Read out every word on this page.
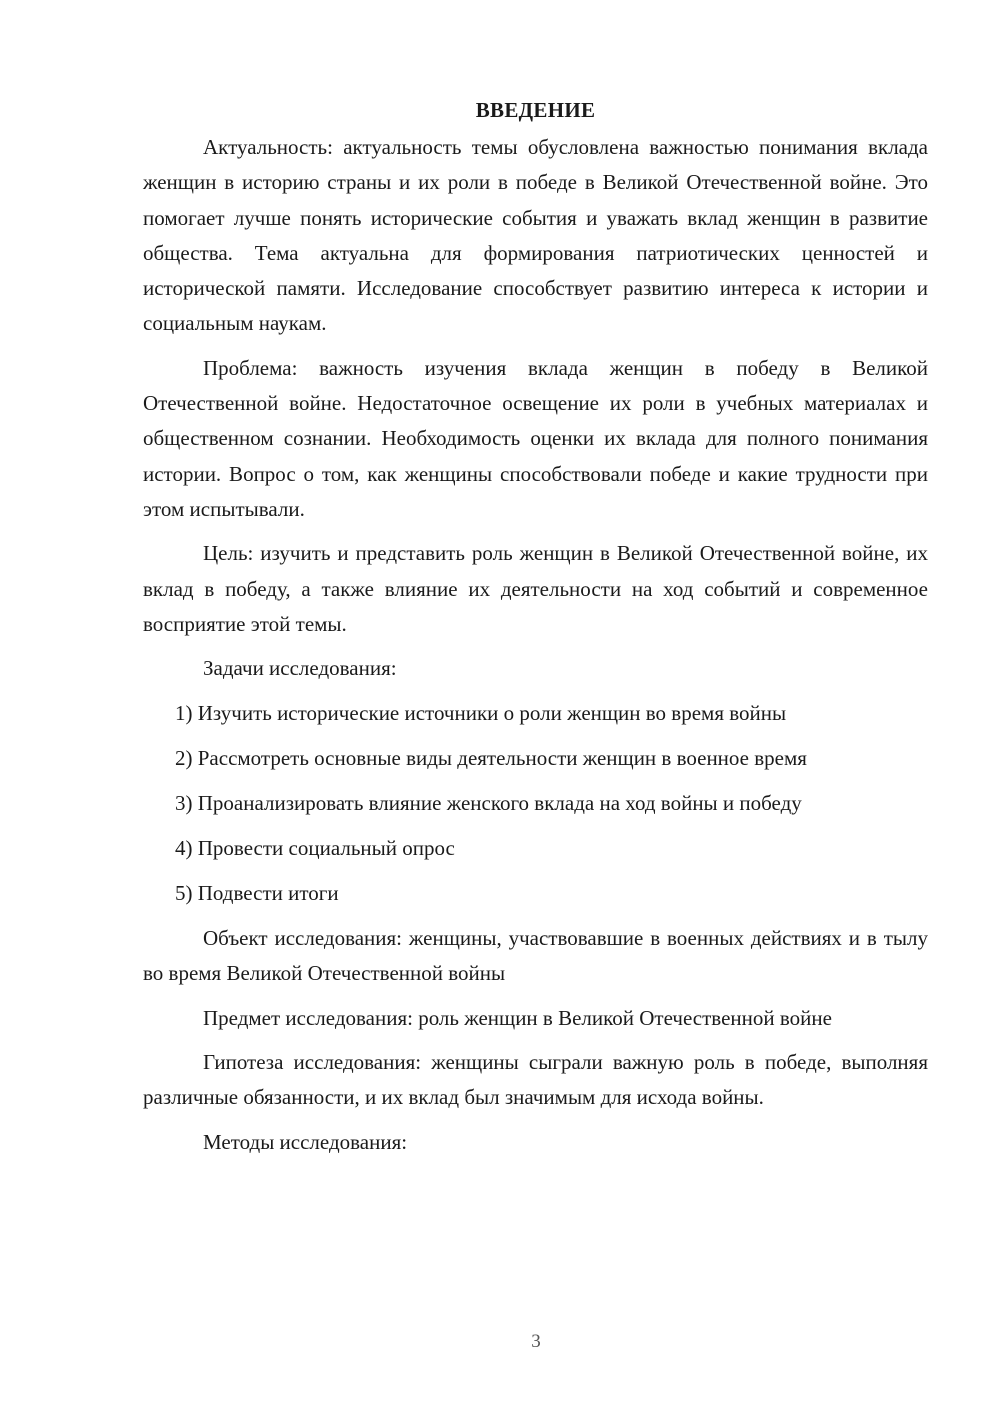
ВВЕДЕНИЕ

Актуальность: актуальность темы обусловлена важностью понимания вклада женщин в историю страны и их роли в победе в Великой Отечественной войне. Это помогает лучше понять исторические события и уважать вклад женщин в развитие общества. Тема актуальна для формирования патриотических ценностей и исторической памяти. Исследование способствует развитию интереса к истории и социальным наукам.

Проблема: важность изучения вклада женщин в победу в Великой Отечественной войне. Недостаточное освещение их роли в учебных материалах и общественном сознании. Необходимость оценки их вклада для полного понимания истории. Вопрос о том, как женщины способствовали победе и какие трудности при этом испытывали.

Цель: изучить и представить роль женщин в Великой Отечественной войне, их вклад в победу, а также влияние их деятельности на ход событий и современное восприятие этой темы.

Задачи исследования:
1) Изучить исторические источники о роли женщин во время войны
2) Рассмотреть основные виды деятельности женщин в военное время
3) Проанализировать влияние женского вклада на ход войны и победу
4) Провести социальный опрос
5) Подвести итоги

Объект исследования: женщины, участвовавшие в военных действиях и в тылу во время Великой Отечественной войны

Предмет исследования: роль женщин в Великой Отечественной войне

Гипотеза исследования: женщины сыграли важную роль в победе, выполняя различные обязанности, и их вклад был значимым для исхода войны.

Методы исследования:

3
